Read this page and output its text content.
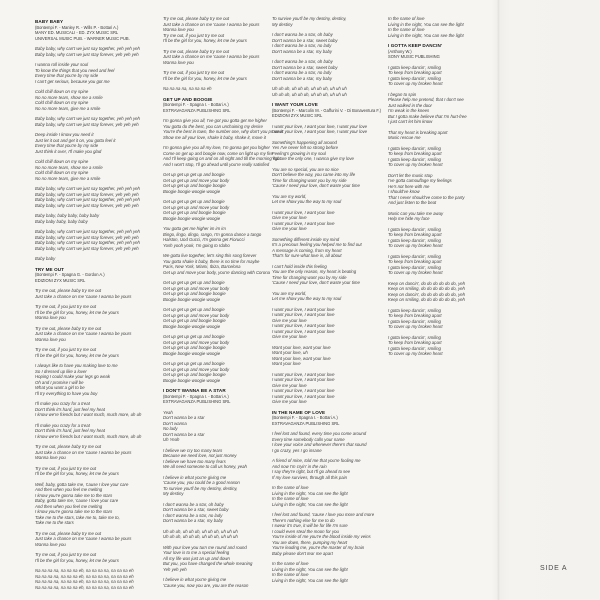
BABY BABY
(Bontempi F. - Manley R. - Wills P. - Bottari A.)
MANY ED. MUSICALI - ED. ZYX MUSIC SRL
UNIVERSAL MUSIC PUB. - WARNER MUSIC PUB.

Baby baby, why can't we just say together, yeh yeh yeh
Baby baby, why can't we just stay forever, yeh yeh yeh

I wanna roll inside your soul
To know the things that you need and feel
Every time that you're by my side
I can't get serious, because you got me

Cold chill down on my spine
No no more tears, show me a smile
Cold chill down on my spine
No no more tears, give me a smile

Baby baby, why can't we just say together, yeh yeh yeh
Baby baby, why can't we just stay forever, yeh yeh yeh

Deep inside I know you need it
Just let it out and get it on, you gotta feel it
Every time that you're by my side
Just think it over, I'll make you glad

Cold chill down on my spine
No no more tears, show me a smile
Cold chill down on my spine
No no more tears, give me a smile

Baby baby, why can't we just say together, yeh yeh yeh
Baby baby, why can't we just stay forever, yeh yeh yeh
Baby baby, why can't we just say together, yeh yeh yeh
Baby baby, why can't we just stay forever, yeh yeh yeh

Baby baby, baby baby, baby baby
Baby baby baby, baby baby

Baby baby, why can't we just say together, yeh yeh yeh
Baby baby, why can't we just stay forever, yeh yeh yeh
Baby baby, why can't we just say together, yeh yeh yeh
Baby baby, why can't we just stay forever, yeh yeh yeh

Baby baby

TRY ME OUT
(Bontempi F. - Spagna G. - Gordon A.)
EDIZIONI ZYX MUSIC SRL

Try me out, please baby try me out
Just take a chance on me 'cause I wanna be yours

Try me out, if you just try me out
I'll be the girl for you, honey, let me be yours
Wanna love you

Try me out, please baby try me out
Just take a chance on me 'cause I wanna be yours
Wanna love you

Try me out, if you just try me out
I'll be the girl for you, honey, let me be yours

I always like to have you making love to me
So I dressed up like a lover
Hoping I could make your legs go weak
Oh and I promise I will be
What you want a girl to be
I'll try everything to have you boy

I'll make you crazy for a treat
Don't think it's hard, just feel my heat
I know we're friends but I want much, much more, uh uh

I'll make you crazy for a treat
Don't think it's hard, just feel my heat
I know we're friends but I want much, much more, uh uh

Try me out, please baby try me out
Just take a chance on me 'cause I wanna be yours
Wanna love you

Try me out, if you just try me out
I'll be the girl for you, honey, let me be yours

Well, baby, gotta take me, 'cause I love your care
And then when you feel me melting
I know you're gonna take me to the stars
Baby, gotta take me, 'cause I love your care
And then when you feel me melting
I know you're gonna take me to the stars
Take me to the stars, take me to, take me to,
Take me to the stars

Try me out, please baby try me out
Just take a chance on me 'cause I wanna be yours
Wanna love you

Try me out, if you just try me out
I'll be the girl for you, honey, let me be yours

Na na na na, na na na eh, na na na na, na na na eh
Na na na na, na na na eh, na na na na, na na na eh
Na na na na, na na na eh, na na na na, na na na eh
Na na na na, na na na eh, na na na na, na na na eh

Try me out, please baby try me out
Just take a chance on me 'cause I wanna be yours
Wanna love you
Try me out, if you just try me out
I'll be the girl for you, honey, let me be yours

Try me out, please baby try me out
Just take a chance on me 'cause I wanna be yours
Wanna love you

Try me out, if you just try me out
I'll be the girl for you, honey, let me be yours

Na na na na, na na na eh

GET UP AND BOOGIE
(Bontempi F. - Spagna I. - Bottari A.)
EXTRAVAGANZA PUBLISHING SRL

I'm gonna give you all, I've got you gotta get me higher
You gotta do the best, you can unchaining my desire
You're the best in town, the number one, why don't you prove it
Show me all your love, shake it baby, shake it, move it

I'm gonna give you all my love, I'm gonna get you higher
Come on get up and boogie now, come on light up my fire
And I'll keep going on and on all night and till the morning light
And I won't stop, I'll go ahead until you're really satisfied

Get up get up get up and boogie
Get up get up and move your body
Get up get up and boogie boogie
Boogie boogie woogie woogie

Get up get up get up and boogie
Get up get up and move your body
Get up get up and boogie boogie
Boogie boogie woogie woogie

You gotta get me higher im im im
Bingo, lingo, dingo, rango, I'm gonna dance a tango
Halston, Uod Gucci, I'm gonna get Fiorucci
Yosh yooh yook, I'm going to Idaho

We gotta live together, let's sing this song forever
You gotta shake it baby, there is no time for maybe
Paris, New York, Miami, Ibiza, Barcelona
Get up and move your body, you're dancing with Corona

Get up get up get up and boogie
Get up get up and move your body
Get up get up and boogie boogie
Boogie boogie woogie woogie

Get up get up get up and boogie
Get up get up and move your body
Get up get up and boogie boogie
Boogie boogie woogie woogie

Get up get up get up and boogie
Get up get up and move your body
Get up get up and boogie boogie
Boogie boogie woogie woogie

Get up get up get up and boogie
Get up get up and move your body
Get up get up and boogie boogie
Boogie boogie woogie woogie

I DON'T WANNA BE A STAR
(Bontempi F. - Spagna I. - Bottari A.)
EXTRAVAGANZA PUBLISHING SRL

Yeah
Don't wanna be a star
Don't wanna
No lady
Don't wanna be a star
Uh Yeah

I believe we cry too many tears
Because we need love, not just money
I believe we have too many fears
We all need someone to call us honey, yeah

I believe in what you're giving me
'Cause you, you could be a good reason
To survive you'll be my destiny, destiny,
My destiny

I don't wanna be a star, oh baby
Don't wanna be a star, sweet baby
I don't wanna be a star, no lady
Don't wanna be a star, my baby

Uh uh uh, uh uh uh, uh uh uh, uh uh uh
Uh uh uh, uh uh uh, uh uh uh, uh uh uh

With your love you turn me round and round
Your love is to me a special feeling
All my life was just an up and down
But you, you have changed the whole meaning
Yeh yeh yeh

I believe in what you're giving me
'Cause you, now you are, you are the reason

To survive you'll be my destiny, destiny,
My destiny

I don't wanna be a star, oh baby
Don't wanna be a star, sweet baby
I don't wanna be a star, no lady
Don't wanna be a star, my baby

I don't wanna be a star, oh baby
Don't wanna be a star, sweet baby
I don't wanna be a star, no lady
Don't wanna be a star, my baby

Uh uh uh, uh uh uh, uh uh uh, uh uh uh
Uh uh uh, uh uh uh, uh uh uh, uh uh uh

I WANT YOUR LOVE
(Bontempi F. - Marcolin M. - Gaffurini V. - Di Bonaventura F.)
EDIZIONI ZYX MUSIC SRL

I want your love, I want your love, I want your love
I want your love, I want your love, I want your love

Something's happening all around
Yes I've never felt so strong before
Feeling's growing in my soul
You are the only one, I wanna give my love

You are so special, you are so nice
Don't believe the way, you came into my life
Time for changing want you by my side
'Cause I need your love, don't waste your time

You are my world,
Let me show you the way to my soul

I want your love, I want your love
Give me your love
I want your love, I want your love
Give me your love

Something different inside my mind
It's a precious feeling you helped me to find out
A message is coming, from my heart
That's for sure what love is, all about

I can't hold inside this feeling
You are the only reason, my heart is beating
Time for changing want you by my side
'Cause I need your love, don't waste your time

You are my world,
Let me show you the way to my soul

I want your love, I want your love
I want your love, I want your love
Give me your love
I want your love, I want your love
I want your love, I want your love
Give me your love

Want your love, want your love
Want your love, uh
Want your love, want your love
Want your love

I want your love, I want your love
I want your love, I want your love
Give me your love
I want your love, I want your love
I want your love, I want your love
Give me your love

IN THE NAME OF LOVE
(Bontempi F. - Spagna I. - Bottari A.)
EXTRAVAGANZA PUBLISHING SRL

I feel lost and found, every time you come around
Every time somebody calls your name
I love your voice and whenever there's that sound
I go crazy, yes I go insane

A friend of mine, told me that you're fooling me
And now I'm cryin' in the rain
I say they're right, but I'll go ahead to see
If my love survives, through all this pain

In the name of love
Living in the night, You can see the light
In the name of love
Living in the night, You can see the light

I feel lost and found, 'cause I love you more and more
There's nothing else for me to do
I swear it's true, it will be for life I'm sure
I could even steal the moon for you
You're inside of me you're the blood inside my veins
You are down, there, pumping my heart
You're leading me, you're the master of my brain
Baby please don't tear me apart

In the name of love
Living in the night, You can see the light
In the name of love
Living in the night, You can see the light

In the name of love
Living in the night, You can see the light
In the name of love
Living in the night, You can see the light

I GOTTA KEEP DANCIN'
(Anthony W.)
SONY MUSIC PUBLISHING

I gotta keep dancin', smiling
To keep from breaking apart
I gotta keep dancin', smiling
To cover up my broken heart

I began to spin
Please help me pretend, that I don't see
Just walked in the door
I'm weak in the knees
But I gotta make believe that I'm hurt-free
I just can't let him know

That my heart is breaking apart
Music rescue me

I gotta keep dancin', smiling
To keep from breaking apart
I gotta keep dancin', smiling
To cover up my broken heart

Don't let the music stop
I've gotta camouflage my feelings
He's not here with me
I should've know
That I never should've come to the party
And just listen to the beat

Music can you take me away
Help me hide my face

I gotta keep dancin', smiling
To keep from breaking apart
I gotta keep dancin', smiling
To cover up my broken heart

I gotta keep dancin', smiling
To keep from breaking apart
I gotta keep dancin', smiling
To cover up my broken heart

Keep on dancin', do do do do do do, yeh
Keep on smiling, do do do do do do, yeh
Keep on dancin', do do do do do do, yeh
Keep on smiling, do do do do do do, yeh

I gotta keep dancin', smiling
To keep from breaking apart
I gotta keep dancin', smiling
To cover up my broken heart

I gotta keep dancin', smiling
To keep from breaking apart
I gotta keep dancin', smiling
To cover up my broken heart

SIDE A
